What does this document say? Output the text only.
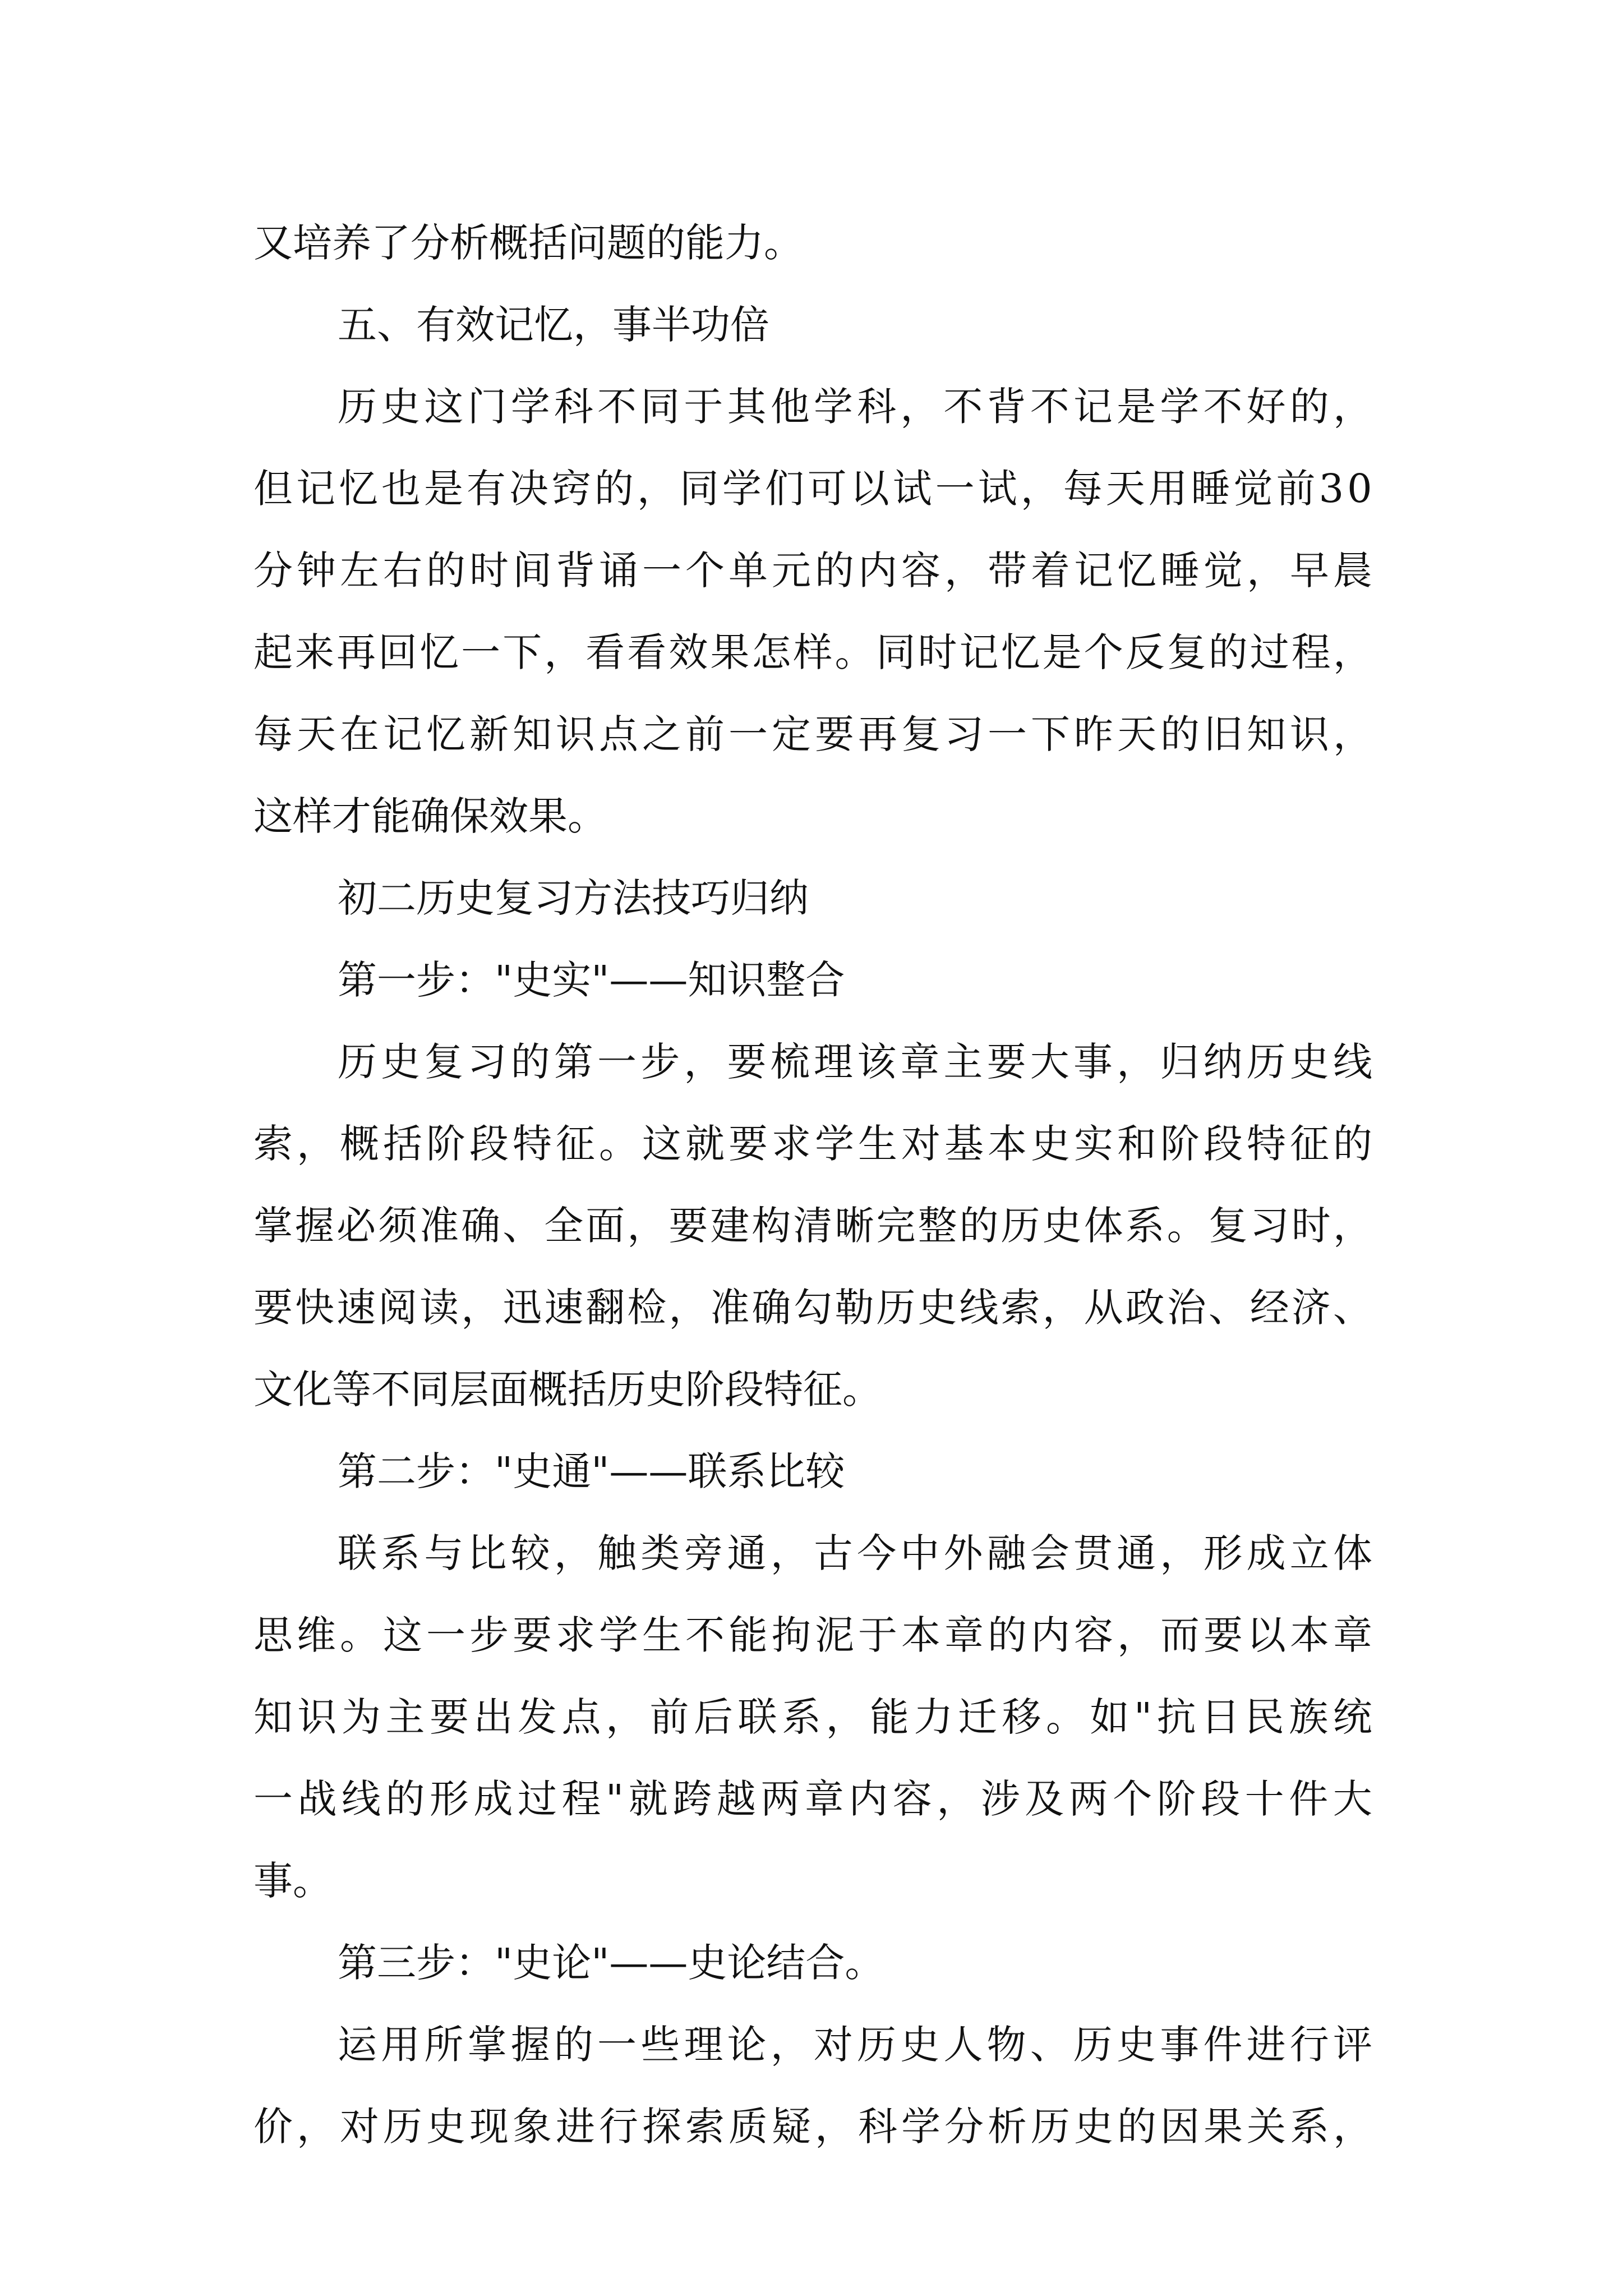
又培养了分析概括问题的能力。
五、有效记忆，事半功倍
历 史 这 门 学 科 不 同 于 其 他 学 科 ， 不 背 不 记 是 学 不 好 的 ，
但 记 忆 也 是 有 决 窍 的 ， 同 学 们 可 以 试 一 试 ， 每 天 用 睡 觉 前 3 0
分 钟 左 右 的 时 间 背 诵 一 个 单 元 的 内 容 ， 带 着 记 忆 睡 觉 ， 早 晨
起 来 再 回 忆 一 下 ， 看 看 效 果 怎 样 。 同 时 记 忆 是 个 反 复 的 过 程 ，
每 天 在 记 忆 新 知 识 点 之 前 一 定 要 再 复 习 一 下 昨 天 的 旧 知 识 ，
这样才能确保效果。
初二历史复习方法技巧归纳
第一步："史实"——知识整合
历 史 复 习 的 第 一 步 ， 要 梳 理 该 章 主 要 大 事 ， 归 纳 历 史 线
索 ， 概 括 阶 段 特 征 。 这 就 要 求 学 生 对 基 本 史 实 和 阶 段 特 征 的
掌 握 必 须 准 确 、 全 面 ， 要 建 构 清 晰 完 整 的 历 史 体 系 。 复 习 时 ，
要 快 速 阅 读 ， 迅 速 翻 检 ， 准 确 勾 勒 历 史 线 索 ， 从 政 治 、 经 济 、
文化等不同层面概括历史阶段特征。
第二步："史通"——联系比较
联 系 与 比 较 ， 触 类 旁 通 ， 古 今 中 外 融 会 贯 通 ， 形 成 立 体
思 维 。 这 一 步 要 求 学 生 不 能 拘 泥 于 本 章 的 内 容 ， 而 要 以 本 章
知 识 为 主 要 出 发 点 ， 前 后 联 系 ， 能 力 迁 移 。 如 " 抗 日 民 族 统
一 战 线 的 形 成 过 程 " 就 跨 越 两 章 内 容 ， 涉 及 两 个 阶 段 十 件 大
事。
第三步："史论"——史论结合。
运 用 所 掌 握 的 一 些 理 论 ， 对 历 史 人 物 、 历 史 事 件 进 行 评
价 ， 对 历 史 现 象 进 行 探 索 质 疑 ， 科 学 分 析 历 史 的 因 果 关 系 ，
